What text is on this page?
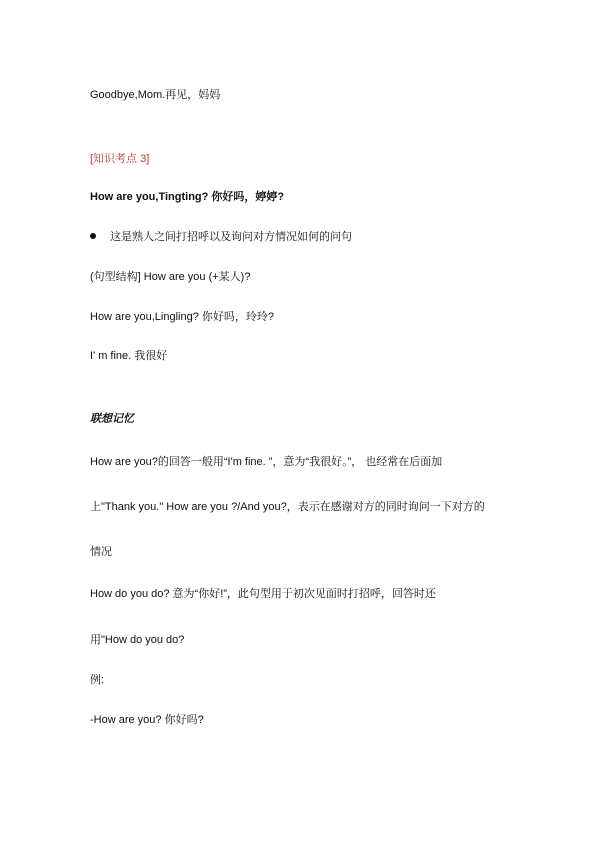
Goodbye,Mom.再见，妈妈
[知识考点 3]
How are you,Tingting? 你好吗，婷婷?
这是熟人之间打招呼以及询问对方情况如何的问句
(句型结构] How are you (+某人)?
How are you,Lingling? 你好吗，玲玲?
I' m fine. 我很好
联想记忆
How are you?的回答一般用“I'm fine. ”，意为“我很好。”， 也经常在后面加
上"Thank you." How are you ?/And you?，表示在感谢对方的同时询问一下对方的
情况
How do you do? 意为“你好!”，此句型用于初次见面时打招呼，回答时还
用"How do you do?
例:
-How are you? 你好吗?
